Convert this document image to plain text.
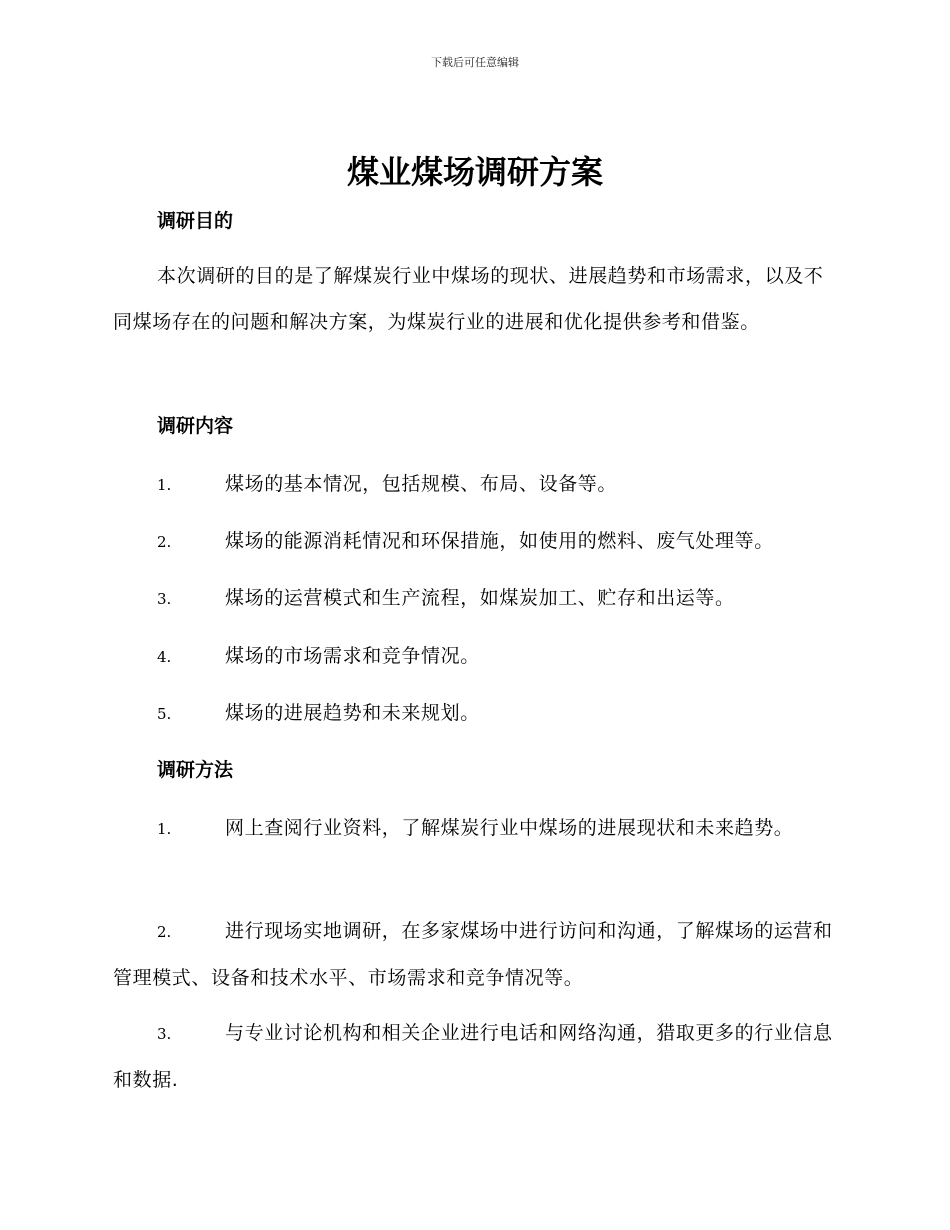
下载后可任意编辑
煤业煤场调研方案
调研目的

本次调研的目的是了解煤炭行业中煤场的现状、进展趋势和市场需求，以及不同煤场存在的问题和解决方案，为煤炭行业的进展和优化提供参考和借鉴。

调研内容
1.	煤场的基本情况，包括规模、布局、设备等。
2.	煤场的能源消耗情况和环保措施，如使用的燃料、废气处理等。
3.	煤场的运营模式和生产流程，如煤炭加工、贮存和出运等。
4.	煤场的市场需求和竞争情况。
5.	煤场的进展趋势和未来规划。
调研方法
1.	网上查阅行业资料，了解煤炭行业中煤场的进展现状和未来趋势。
2.	进行现场实地调研，在多家煤场中进行访问和沟通，了解煤场的运营和管理模式、设备和技术水平、市场需求和竞争情况等。
3.	与专业讨论机构和相关企业进行电话和网络沟通，猎取更多的行业信息和数据.
